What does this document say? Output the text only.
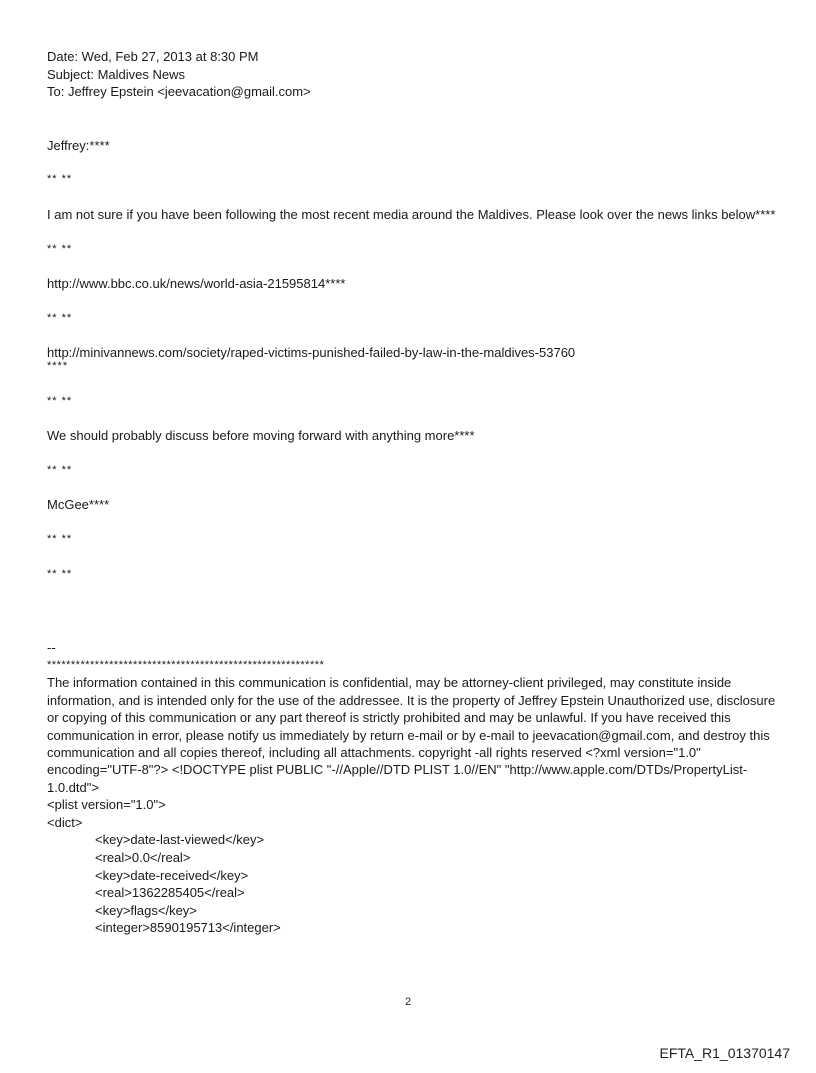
Date: Wed, Feb 27, 2013 at 8:30 PM

Subject: Maldives News

To: Jeffrey Epstein <jeevacation@gmail.com>

Jeffrey:****

** **

I am not sure if you have been following the most recent media around the Maldives. Please look over the news links below****

** **

http://www.bbc.co.uk/news/world-asia-21595814****

** **

http://minivannews.com/society/raped-victims-punished-failed-by-law-in-the-maldives-53760

****

** **

We should probably discuss before moving forward with anything more****

** **

McGee****

** **

** **

--

**********************************************************

The information contained in this communication is confidential, may be attorney-client privileged, may constitute inside information, and is intended only for the use of the addressee. It is the property of Jeffrey Epstein Unauthorized use, disclosure or copying of this communication or any part thereof is strictly prohibited and may be unlawful. If you have received this communication in error, please notify us immediately by return e-mail or by e-mail to jeevacation@gmail.com, and destroy this communication and all copies thereof, including all attachments. copyright -all rights reserved <?xml version="1.0" encoding="UTF-8"?> <!DOCTYPE plist PUBLIC "-//Apple//DTD PLIST 1.0//EN" "http://www.apple.com/DTDs/PropertyList-1.0.dtd">

<plist version="1.0">

<dict>

<key>date-last-viewed</key>

<real>0.0</real>

<key>date-received</key>

<real>1362285405</real>

<key>flags</key>

<integer>8590195713</integer>

2
EFTA_R1_01370147
